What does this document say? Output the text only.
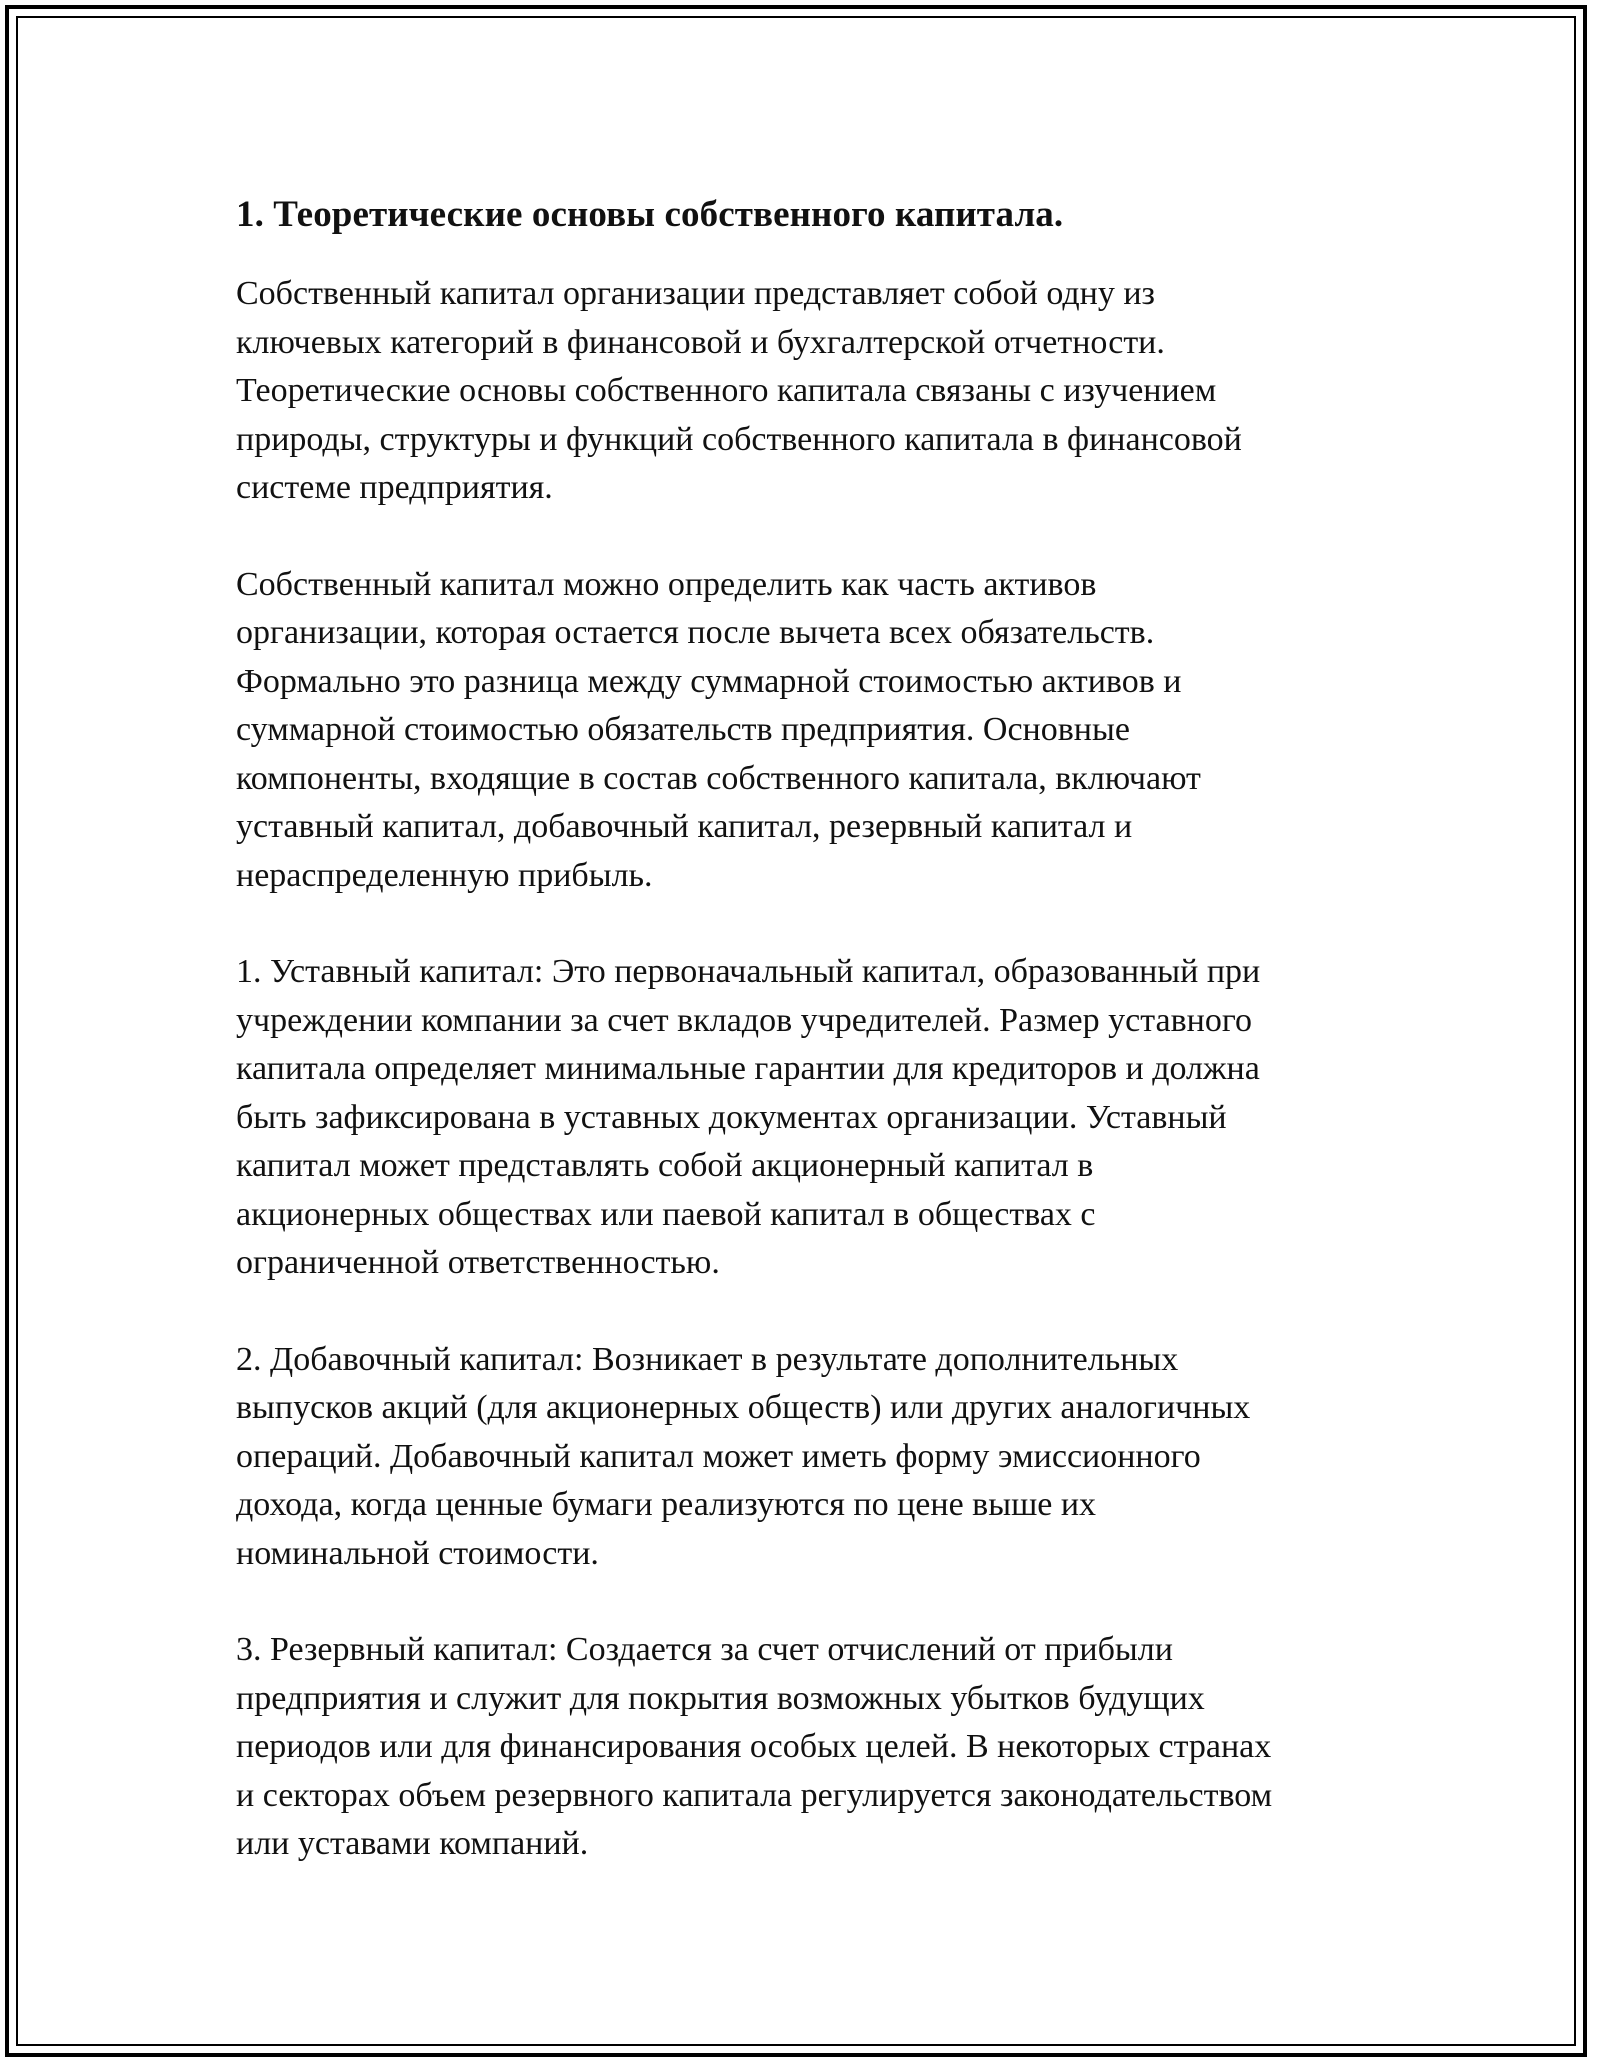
1. Теоретические основы собственного капитала.

Собственный капитал организации представляет собой одну из
ключевых категорий в финансовой и бухгалтерской отчетности.
Теоретические основы собственного капитала связаны с изучением
природы, структуры и функций собственного капитала в финансовой
системе предприятия.

Собственный капитал можно определить как часть активов
организации, которая остается после вычета всех обязательств.
Формально это разница между суммарной стоимостью активов и
суммарной стоимостью обязательств предприятия. Основные
компоненты, входящие в состав собственного капитала, включают
уставный капитал, добавочный капитал, резервный капитал и
нераспределенную прибыль.

1. Уставный капитал: Это первоначальный капитал, образованный при
учреждении компании за счет вкладов учредителей. Размер уставного
капитала определяет минимальные гарантии для кредиторов и должна
быть зафиксирована в уставных документах организации. Уставный
капитал может представлять собой акционерный капитал в
акционерных обществах или паевой капитал в обществах с
ограниченной ответственностью.

2. Добавочный капитал: Возникает в результате дополнительных
выпусков акций (для акционерных обществ) или других аналогичных
операций. Добавочный капитал может иметь форму эмиссионного
дохода, когда ценные бумаги реализуются по цене выше их
номинальной стоимости.

3. Резервный капитал: Создается за счет отчислений от прибыли
предприятия и служит для покрытия возможных убытков будущих
периодов или для финансирования особых целей. В некоторых странах
и секторах объем резервного капитала регулируется законодательством
или уставами компаний.
